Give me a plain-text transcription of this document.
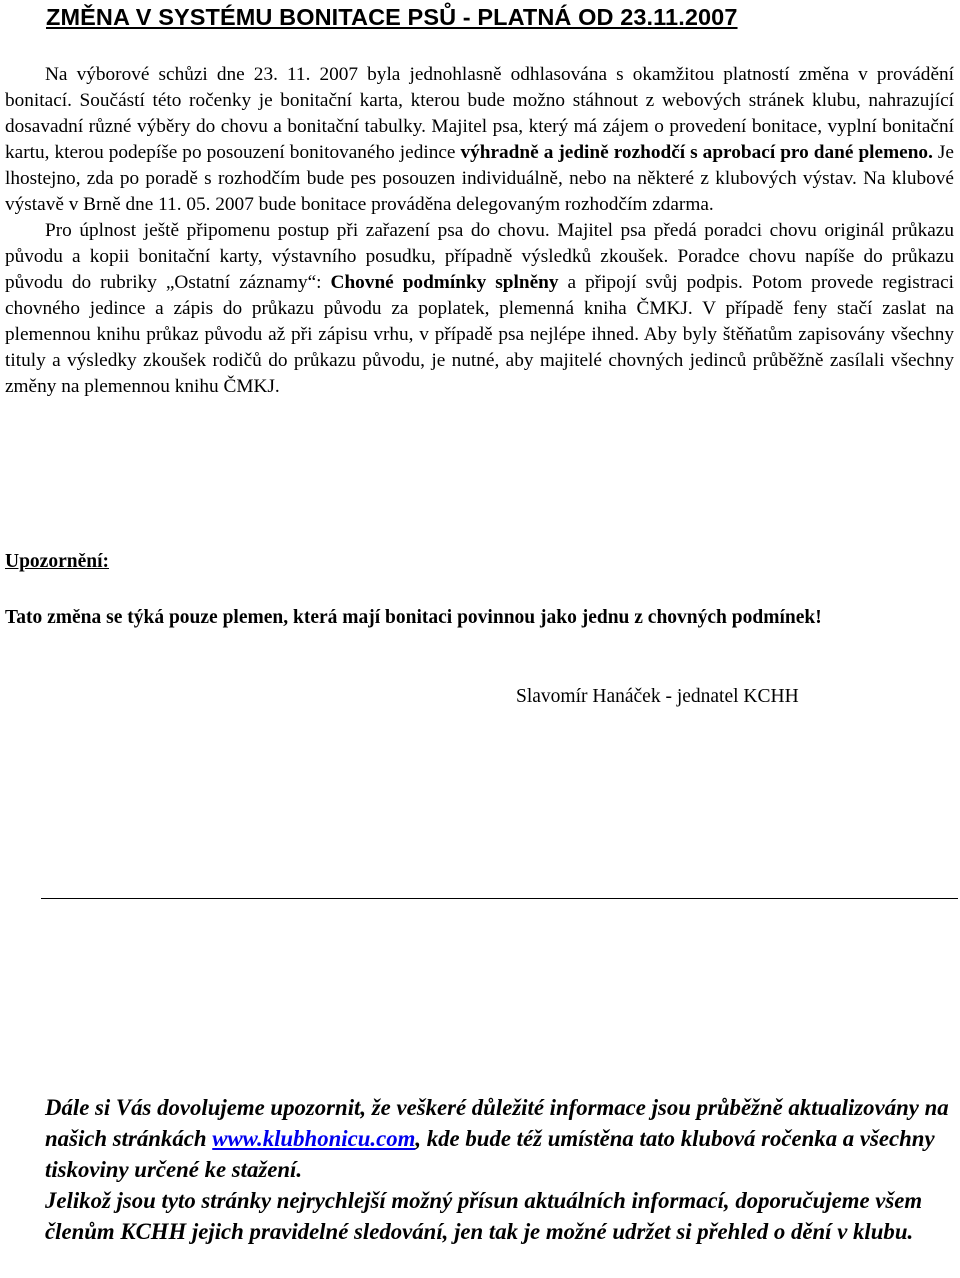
ZMĚNA V SYSTÉMU BONITACE PSŮ - PLATNÁ OD 23.11.2007

Na výborové schůzi dne 23. 11. 2007 byla jednohlasně odhlasována s okamžitou platností změna v provádění bonitací. Součástí této ročenky je bonitační karta, kterou bude možno stáhnout z webových stránek klubu, nahrazující dosavadní různé výběry do chovu a bonitační tabulky. Majitel psa, který má zájem o provedení bonitace, vyplní bonitační kartu, kterou podepíše po posouzení bonitovaného jedince výhradně a jedině rozhodčí s aprobací pro dané plemeno. Je lhostejno, zda po poradě s rozhodčím bude pes posouzen individuálně, nebo na některé z klubových výstav. Na klubové výstavě v Brně dne 11. 05. 2007 bude bonitace prováděna delegovaným rozhodčím zdarma.

Pro úplnost ještě připomenu postup při zařazení psa do chovu. Majitel psa předá poradci chovu originál průkazu původu a kopii bonitační karty, výstavního posudku, případně výsledků zkoušek. Poradce chovu napíše do průkazu původu do rubriky „Ostatní záznamy“: Chovné podmínky splněny a připojí svůj podpis. Potom provede registraci chovného jedince a zápis do průkazu původu za poplatek, plemenná kniha ČMKJ. V případě feny stačí zaslat na plemennou knihu průkaz původu až při zápisu vrhu, v případě psa nejlépe ihned. Aby byly štěňatům zapisovány všechny tituly a výsledky zkoušek rodičů do průkazu původu, je nutné, aby majitelé chovných jedinců průběžně zasílali všechny změny na plemennou knihu ČMKJ.

Upozornění:
Tato změna se týká pouze plemen, která mají bonitaci povinnou jako jednu z chovných podmínek!
Slavomír Hanáček - jednatel KCHH

Dále si Vás dovolujeme upozornit, že veškeré důležité informace jsou průběžně aktualizovány na našich stránkách www.klubhonicu.com, kde bude též umístěna tato klubová ročenka a všechny tiskoviny určené ke stažení.

Jelikož jsou tyto stránky nejrychlejší možný přísun aktuálních informací, doporučujeme všem členům KCHH jejich pravidelné sledování, jen tak je možné udržet si přehled o dění v klubu.
